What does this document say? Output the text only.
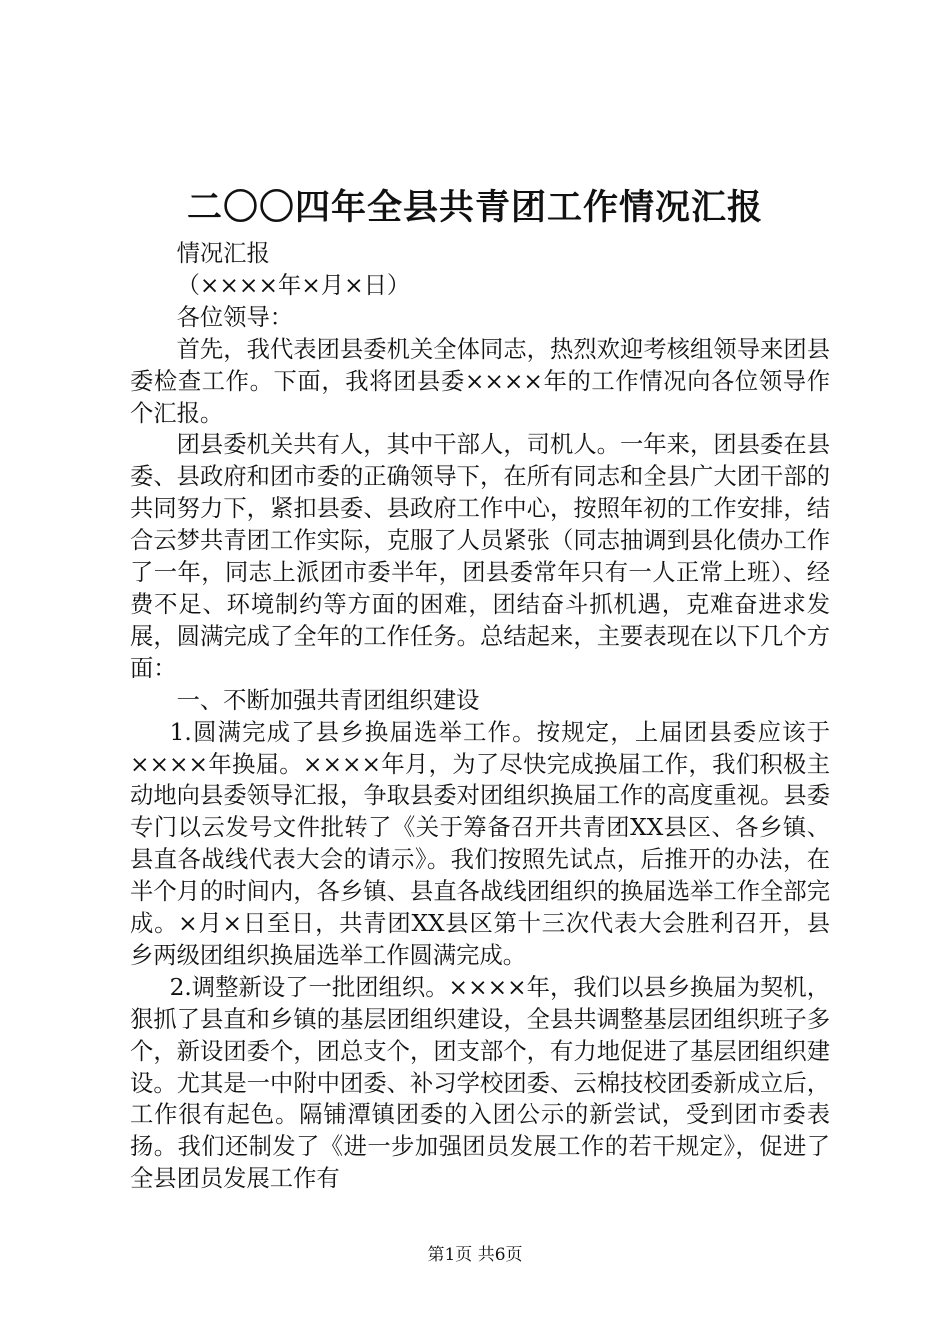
二〇〇四年全县共青团工作情况汇报

情况汇报

（××××年×月×日）

各位领导：

首先，我代表团县委机关全体同志，热烈欢迎考核组领导来团县委检查工作。下面，我将团县委××××年的工作情况向各位领导作个汇报。

团县委机关共有人，其中干部人，司机人。一年来，团县委在县委、县政府和团市委的正确领导下，在所有同志和全县广大团干部的共同努力下，紧扣县委、县政府工作中心，按照年初的工作安排，结合云梦共青团工作实际，克服了人员紧张（同志抽调到县化债办工作了一年，同志上派团市委半年，团县委常年只有一人正常上班）、经费不足、环境制约等方面的困难，团结奋斗抓机遇，克难奋进求发展，圆满完成了全年的工作任务。总结起来，主要表现在以下几个方面：

一、不断加强共青团组织建设

1.圆满完成了县乡换届选举工作。按规定，上届团县委应该于××××年换届。××××年月，为了尽快完成换届工作，我们积极主动地向县委领导汇报，争取县委对团组织换届工作的高度重视。县委专门以云发号文件批转了《关于筹备召开共青团XX县区、各乡镇、县直各战线代表大会的请示》。我们按照先试点，后推开的办法，在半个月的时间内，各乡镇、县直各战线团组织的换届选举工作全部完成。×月×日至日，共青团XX县区第十三次代表大会胜利召开，县乡两级团组织换届选举工作圆满完成。

2.调整新设了一批团组织。××××年，我们以县乡换届为契机，狠抓了县直和乡镇的基层团组织建设，全县共调整基层团组织班子多个，新设团委个，团总支个，团支部个，有力地促进了基层团组织建设。尤其是一中附中团委、补习学校团委、云棉技校团委新成立后，工作很有起色。隔铺潭镇团委的入团公示的新尝试，受到团市委表扬。我们还制发了《进一步加强团员发展工作的若干规定》，促进了全县团员发展工作有

第1页 共6页
